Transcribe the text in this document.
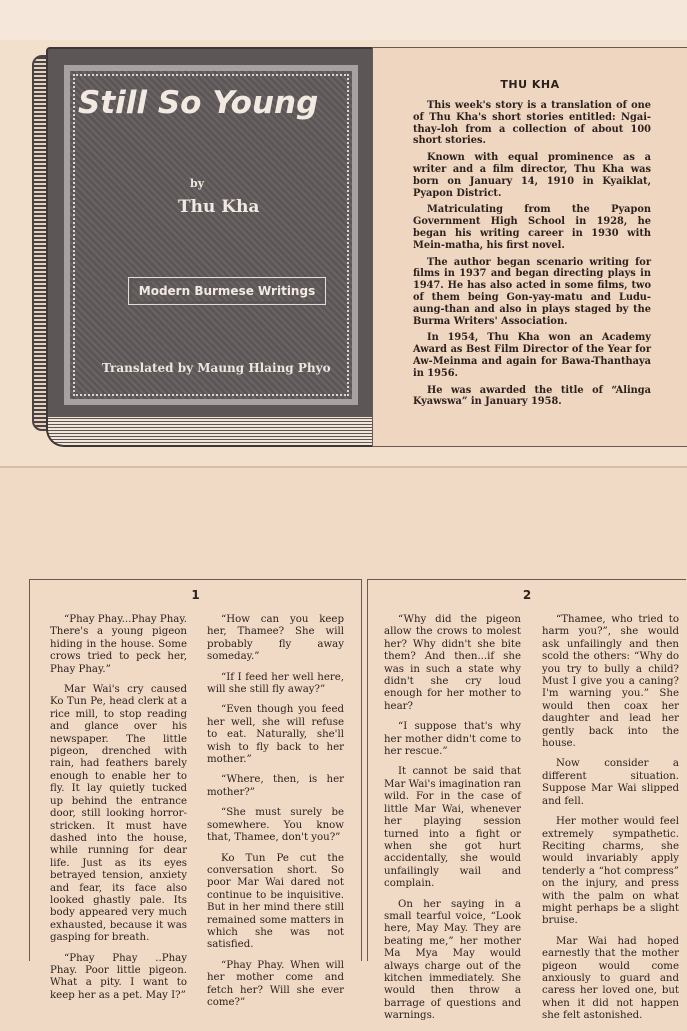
Still So Young
by
Thu Kha
Modern Burmese Writings
Translated by Maung Hlaing Phyo
THU KHA

This week's story is a translation of one of Thu Kha's short stories entitled: Ngai-thay-loh from a collection of about 100 short stories.

Known with equal prominence as a writer and a film director, Thu Kha was born on January 14, 1910 in Kyaiklat, Pyapon District.

Matriculating from the Pyapon Government High School in 1928, he began his writing career in 1930 with Mein-matha, his first novel.

The author began scenario writing for films in 1937 and began directing plays in 1947. He has also acted in some films, two of them being Gon-yay-matu and Ludu-aung-than and also in plays staged by the Burma Writers' Association.

In 1954, Thu Kha won an Academy Award as Best Film Director of the Year for Aw-Meinma and again for Bawa-Thanthaya in 1956.

He was awarded the title of “Alinga Kyawswa” in January 1958.

1

“Phay Phay...Phay Phay. There's a young pigeon hiding in the house. Some crows tried to peck her, Phay Phay.”

Mar Wai's cry caused Ko Tun Pe, head clerk at a rice mill, to stop reading and glance over his newspaper. The little pigeon, drenched with rain, had feathers barely enough to enable her to fly. It lay quietly tucked up behind the entrance door, still looking horror-stricken. It must have dashed into the house, while running for dear life. Just as its eyes betrayed tension, anxiety and fear, its face also looked ghastly pale. Its body appeared very much exhausted, because it was gasping for breath.

“Phay Phay ..Phay Phay. Poor little pigeon. What a pity. I want to keep her as a pet. May I?”

“How can you keep her, Thamee? She will probably fly away someday.”

“If I feed her well here, will she still fly away?”

“Even though you feed her well, she will refuse to eat. Naturally, she'll wish to fly back to her mother.”

“Where, then, is her mother?”

“She must surely be somewhere. You know that, Thamee, don't you?”

Ko Tun Pe cut the conversation short. So poor Mar Wai dared not continue to be inquisitive. But in her mind there still remained some matters in which she was not satisfied.

“Phay Phay. When will her mother come and fetch her? Will she ever come?”

2

“Why did the pigeon allow the crows to molest her? Why didn't she bite them? And then...if she was in such a state why didn't she cry loud enough for her mother to hear?

“I suppose that's why her mother didn't come to her rescue.”

It cannot be said that Mar Wai's imagination ran wild. For in the case of little Mar Wai, whenever her playing session turned into a fight or when she got hurt accidentally, she would unfailingly wail and complain.

On her saying in a small tearful voice, “Look here, May May. They are beating me,” her mother Ma Mya May would always charge out of the kitchen immediately. She would then throw a barrage of questions and warnings.

“Thamee, who tried to harm you?”, she would ask unfailingly and then scold the others: “Why do you try to bully a child? Must I give you a caning? I'm warning you.” She would then coax her daughter and lead her gently back into the house.

Now consider a different situation. Suppose Mar Wai slipped and fell.

Her mother would feel extremely sympathetic. Reciting charms, she would invariably apply tenderly a “hot compress” on the injury, and press with the palm on what might perhaps be a slight bruise.

Mar Wai had hoped earnestly that the mother pigeon would come anxiously to guard and caress her loved one, but when it did not happen she felt astonished.
